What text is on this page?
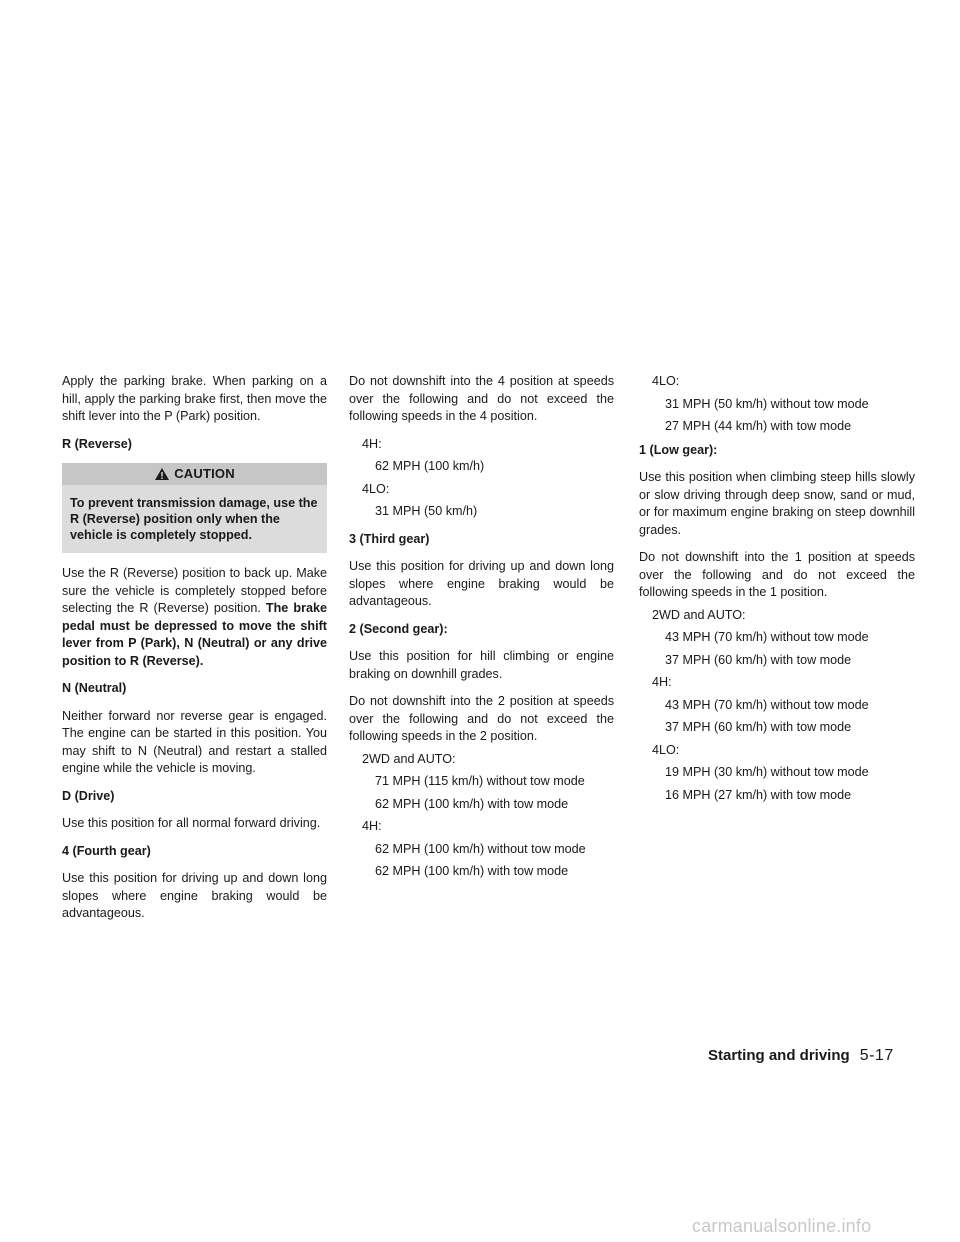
Apply the parking brake. When parking on a hill, apply the parking brake first, then move the shift lever into the P (Park) position.

R (Reverse)
CAUTION
To prevent transmission damage, use the R (Reverse) position only when the vehicle is completely stopped.

Use the R (Reverse) position to back up. Make sure the vehicle is completely stopped before selecting the R (Reverse) position. The brake pedal must be depressed to move the shift lever from P (Park), N (Neutral) or any drive position to R (Reverse).

N (Neutral)

Neither forward nor reverse gear is engaged. The engine can be started in this position. You may shift to N (Neutral) and restart a stalled engine while the vehicle is moving.

D (Drive)

Use this position for all normal forward driving.

4 (Fourth gear)

Use this position for driving up and down long slopes where engine braking would be advantageous.

Do not downshift into the 4 position at speeds over the following and do not exceed the following speeds in the 4 position.

4H:
62 MPH (100 km/h)
4LO:
31 MPH (50 km/h)
3 (Third gear)

Use this position for driving up and down long slopes where engine braking would be advantageous.

2 (Second gear):

Use this position for hill climbing or engine braking on downhill grades.

Do not downshift into the 2 position at speeds over the following and do not exceed the following speeds in the 2 position.

2WD and AUTO:
71 MPH (115 km/h) without tow mode
62 MPH (100 km/h) with tow mode
4H:
62 MPH (100 km/h) without tow mode
62 MPH (100 km/h) with tow mode
4LO:
31 MPH (50 km/h) without tow mode
27 MPH (44 km/h) with tow mode
1 (Low gear):

Use this position when climbing steep hills slowly or slow driving through deep snow, sand or mud, or for maximum engine braking on steep downhill grades.

Do not downshift into the 1 position at speeds over the following and do not exceed the following speeds in the 1 position.

2WD and AUTO:
43 MPH (70 km/h) without tow mode
37 MPH (60 km/h) with tow mode
4H:
43 MPH (70 km/h) without tow mode
37 MPH (60 km/h) with tow mode
4LO:
19 MPH (30 km/h) without tow mode
16 MPH (27 km/h) with tow mode
Starting and driving 5-17
carmanualsonline.info
